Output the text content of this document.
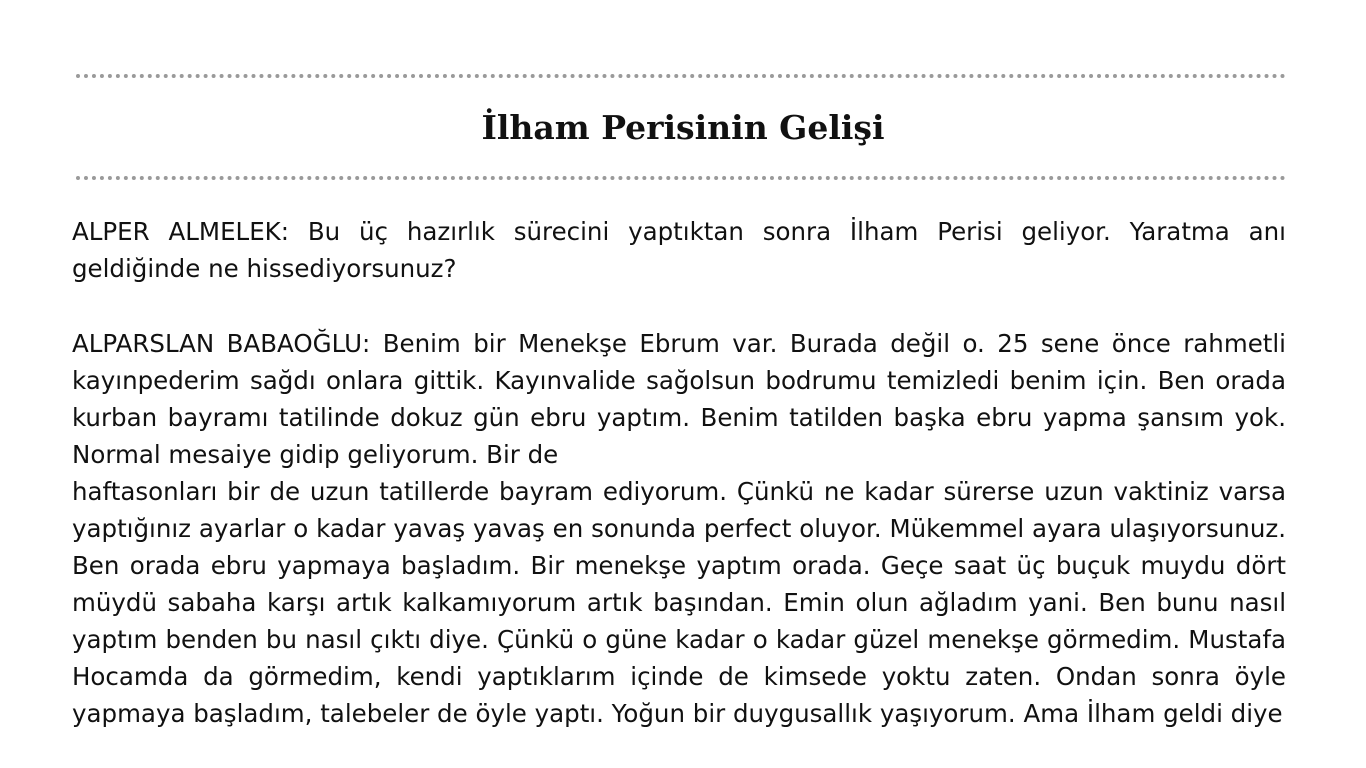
İlham Perisinin Gelişi

ALPER ALMELEK: Bu üç hazırlık sürecini yaptıktan sonra İlham Perisi geliyor. Yaratma anı geldiğinde ne hissediyorsunuz?

ALPARSLAN BABAOĞLU: Benim bir Menekşe Ebrum var. Burada değil o. 25 sene önce rahmetli kayınpederim sağdı onlara gittik. Kayınvalide sağolsun bodrumu temizledi benim için. Ben orada kurban bayramı tatilinde dokuz gün ebru yaptım. Benim tatilden başka ebru yapma şansım yok. Normal mesaiye gidip geliyorum. Bir de

haftasonları bir de uzun tatillerde bayram ediyorum. Çünkü ne kadar sürerse uzun vaktiniz varsa yaptığınız ayarlar o kadar yavaş yavaş en sonunda perfect oluyor. Mükemmel ayara ulaşıyorsunuz.  Ben orada ebru yapmaya başladım. Bir menekşe yaptım orada. Geçe saat üç buçuk muydu dört müydü sabaha karşı artık kalkamıyorum artık başından. Emin olun ağladım yani. Ben bunu nasıl yaptım benden bu nasıl çıktı diye. Çünkü o güne kadar o kadar güzel menekşe görmedim. Mustafa Hocamda da görmedim, kendi yaptıklarım içinde de kimsede yoktu zaten. Ondan sonra öyle yapmaya başladım, talebeler de öyle yaptı. Yoğun bir duygusallık yaşıyorum. Ama İlham geldi diye
